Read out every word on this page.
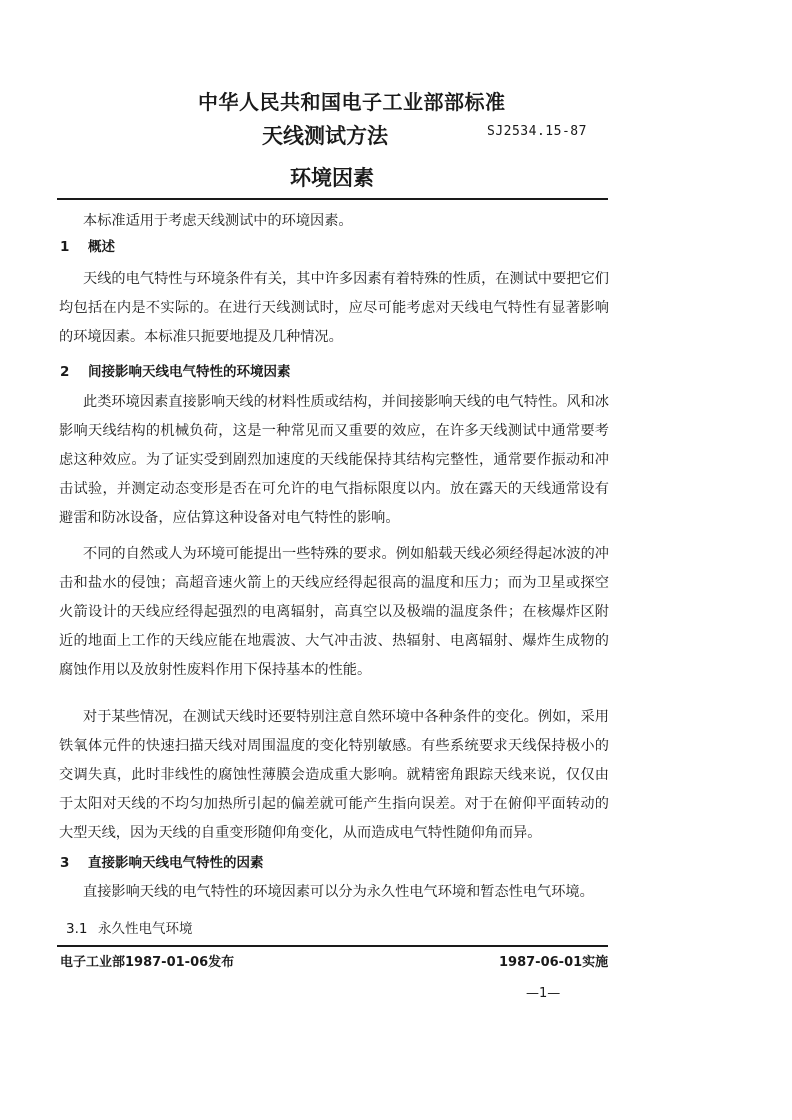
中华人民共和国电子工业部部标准
天线测试方法	SJ2534.15-87
环境因素
本标准适用于考虑天线测试中的环境因素。
1 概述
天线的电气特性与环境条件有关，其中许多因素有着特殊的性质，在测试中要把它们均包括在内是不实际的。在进行天线测试时，应尽可能考虑对天线电气特性有显著影响的环境因素。本标准只扼要地提及几种情况。
2 间接影响天线电气特性的环境因素
此类环境因素直接影响天线的材料性质或结构，并间接影响天线的电气特性。风和冰影响天线结构的机械负荷，这是一种常见而又重要的效应，在许多天线测试中通常要考虑这种效应。为了证实受到剧烈加速度的天线能保持其结构完整性，通常要作振动和冲击试验，并测定动态变形是否在可允许的电气指标限度以内。放在露天的天线通常设有避雷和防冰设备，应估算这种设备对电气特性的影响。
不同的自然或人为环境可能提出一些特殊的要求。例如船载天线必须经得起冰波的冲击和盐水的侵蚀；高超音速火箭上的天线应经得起很高的温度和压力；而为卫星或探空火箭设计的天线应经得起强烈的电离辐射，高真空以及极端的温度条件；在核爆炸区附近的地面上工作的天线应能在地震波、大气冲击波、热辐射、电离辐射、爆炸生成物的腐蚀作用以及放射性废料作用下保持基本的性能。
对于某些情况，在测试天线时还要特别注意自然环境中各种条件的变化。例如，采用铁氧体元件的快速扫描天线对周围温度的变化特别敏感。有些系统要求天线保持极小的交调失真，此时非线性的腐蚀性薄膜会造成重大影响。就精密角跟踪天线来说，仅仅由于太阳对天线的不均匀加热所引起的偏差就可能产生指向误差。对于在俯仰平面转动的大型天线，因为天线的自重变形随仰角变化，从而造成电气特性随仰角而异。
3 直接影响天线电气特性的因素
直接影响天线的电气特性的环境因素可以分为永久性电气环境和暂态性电气环境。
3.1 永久性电气环境
电子工业部1987-01-06发布	1987-06-01实施
—1—
